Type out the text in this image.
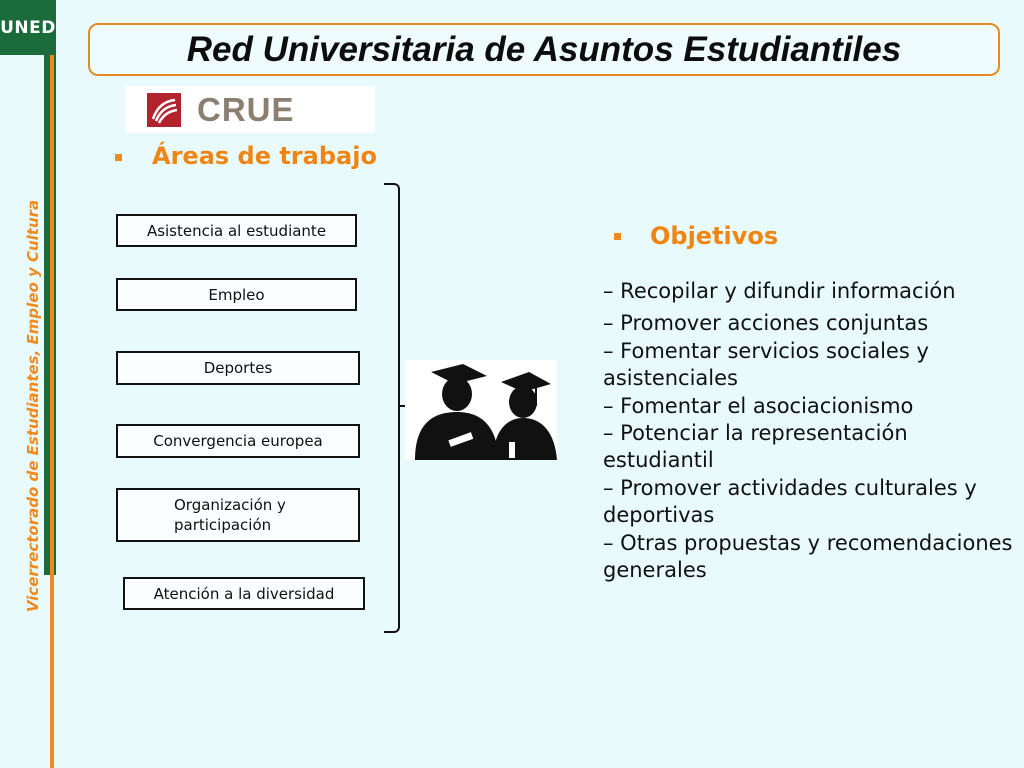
UNED
Vicerrectorado de Estudiantes, Empleo y Cultura
Red Universitaria de Asuntos Estudiantiles
CRUE
Áreas de trabajo
Asistencia al estudiante
Empleo
Deportes
Convergencia europea
Organización y
participación
Atención a la diversidad
Objetivos
– Recopilar y difundir información
– Promover acciones conjuntas
– Fomentar servicios sociales y asistenciales
– Fomentar el asociacionismo
– Potenciar la representación estudiantil
– Promover actividades culturales y deportivas
– Otras propuestas y recomendaciones generales
